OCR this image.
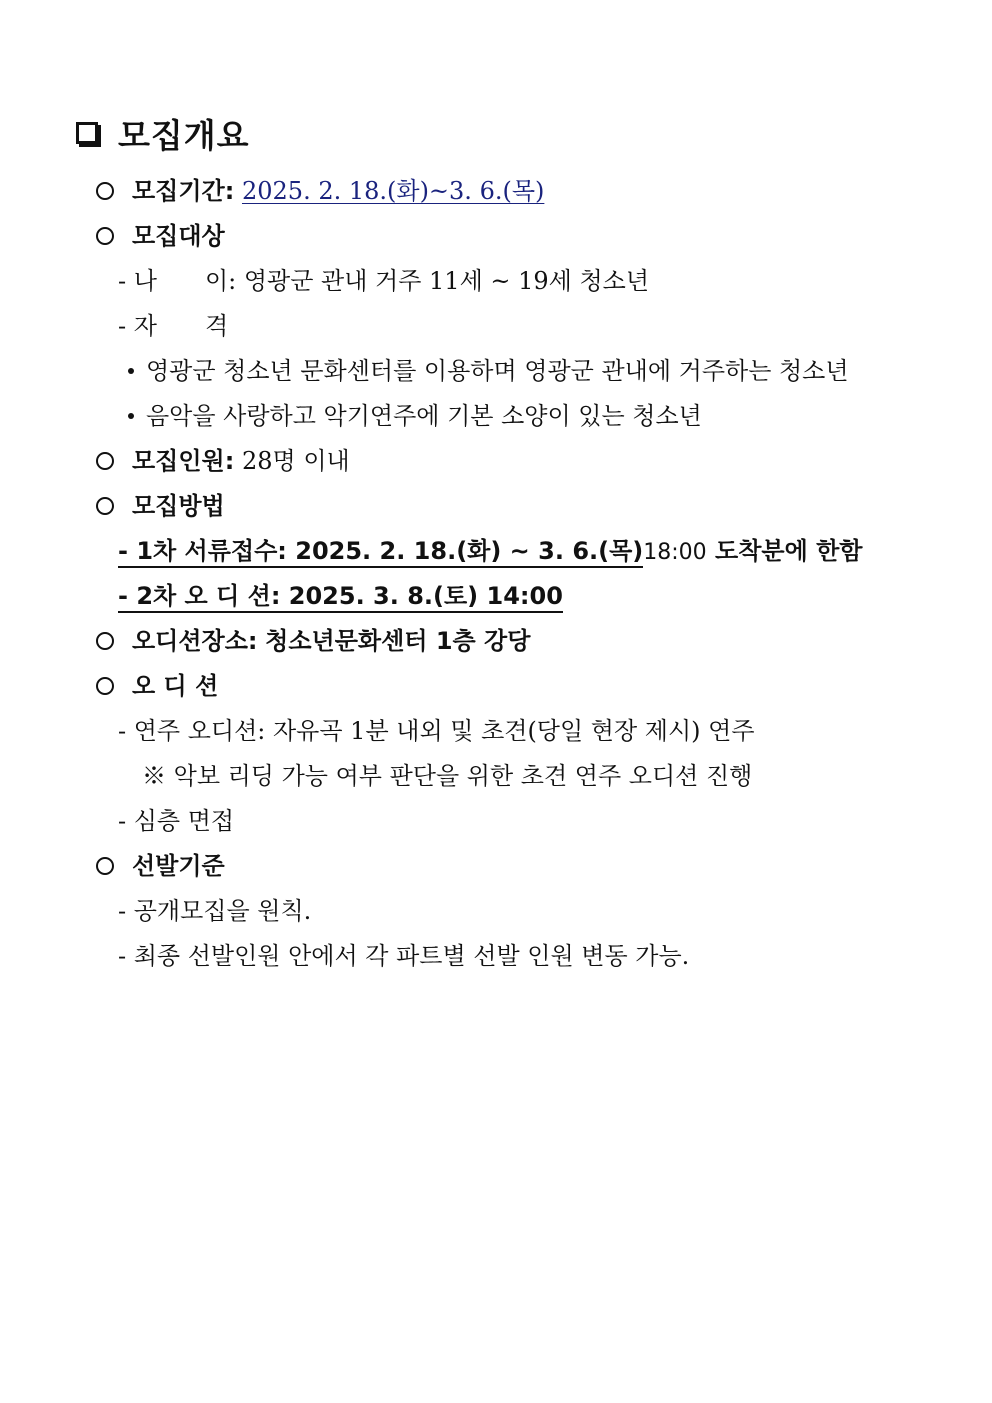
모집개요
모집기간: 2025. 2. 18.(화)~3. 6.(목)
모집대상
- 나 이: 영광군 관내 거주 11세 ~ 19세 청소년
- 자 격
영광군 청소년 문화센터를 이용하며 영광군 관내에 거주하는 청소년
음악을 사랑하고 악기연주에 기본 소양이 있는 청소년
모집인원: 28명 이내
모집방법
- 1차 서류접수: 2025. 2. 18.(화) ~ 3. 6.(목)18:00 도착분에 한함
- 2차 오 디 션: 2025. 3. 8.(토) 14:00
오디션장소: 청소년문화센터 1층 강당
오 디 션
- 연주 오디션: 자유곡 1분 내외 및 초견(당일 현장 제시) 연주
※ 악보 리딩 가능 여부 판단을 위한 초견 연주 오디션 진행
- 심층 면접
선발기준
- 공개모집을 원칙.
- 최종 선발인원 안에서 각 파트별 선발 인원 변동 가능.
